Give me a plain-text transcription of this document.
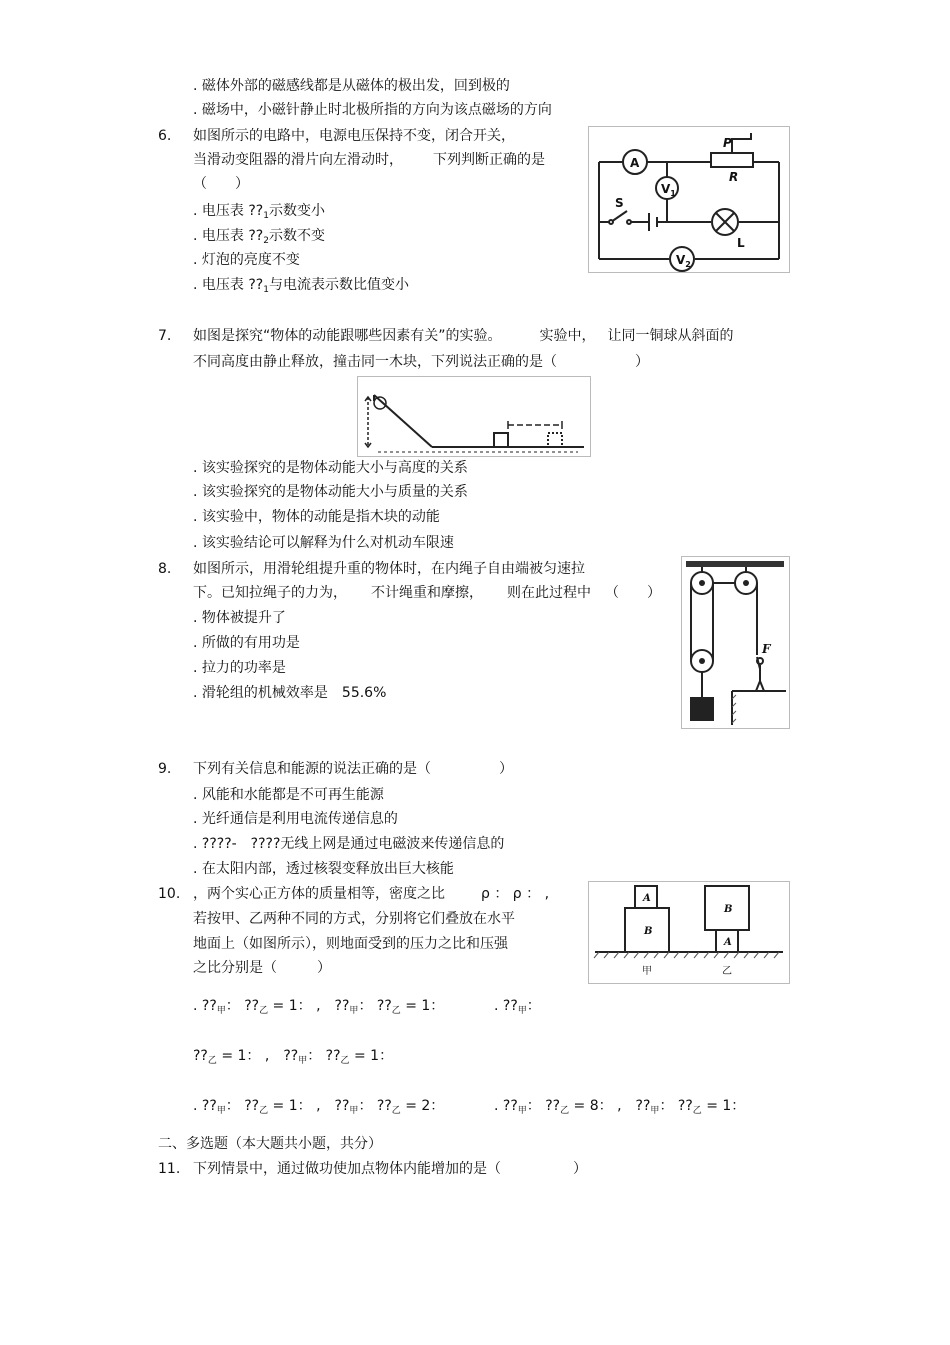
. 磁体外部的磁感线都是从磁体的极出发，回到极的
. 磁场中，小磁针静止时北极所指的方向为该点磁场的方向
6. 如图所示的电路中，电源电压保持不变，闭合开关，
当滑动变阻器的滑片向左滑动时， 下列判断正确的是
（　　）
. 电压表 $??_1$示数变小
. 电压表 $??_2$示数不变
. 灯泡的亮度不变
. 电压表 $??_1$与电流表示数比值变小
A
P
R
$V_1$
S
L
$V_2$
7. 如图是探究“物体的动能跟哪些因素有关”的实验。	实验中， 让同一铜球从斜面的
不同高度由静止释放，撞击同一木块，下列说法正确的是（	）
. 该实验探究的是物体动能大小与高度的关系
. 该实验探究的是物体动能大小与质量的关系
. 该实验中，物体的动能是指木块的动能
. 该实验结论可以解释为什么对机动车限速
8. 如图所示，用滑轮组提升重的物体时，在内绳子自由端被匀速拉
下。已知拉绳子的力为， 不计绳重和摩擦， 则在此过程中 （　　）
. 物体被提升了
. 所做的有用功是
. 拉力的功率是
. 滑轮组的机械效率是 55.6%
F
9. 下列有关信息和能源的说法正确的是（	）
. 风能和水能都是不可再生能源
. 光纤通信是利用电流传递信息的
. ????-　????无线上网是通过电磁波来传递信息的
. 在太阳内部，透过核裂变释放出巨大核能
10. ，两个实心正方体的质量相等，密度之比	ρ ： ρ ： ,
若按甲、乙两种不同的方式，分别将它们叠放在水平
地面上（如图所示），则地面受到的压力之比和压强
之比分别是（	）
A
B
B
A
甲	乙
. $??_甲$： $??_乙 = 1$： ,　$??_甲$： $??_乙 = 1$：	. $??_甲$：
$??_乙 = 1$： ,　$??_甲$： $??_乙 = 1$：
. $??_甲$： $??_乙 = 1$： ,　$??_甲$： $??_乙 = 2$：	. $??_甲$： $??_乙 = 8$： ,　$??_甲$： $??_乙 = 1$：
二、多选题（本大题共小题，共分）
11. 下列情景中，通过做功使加点物体内能增加的是（	）
